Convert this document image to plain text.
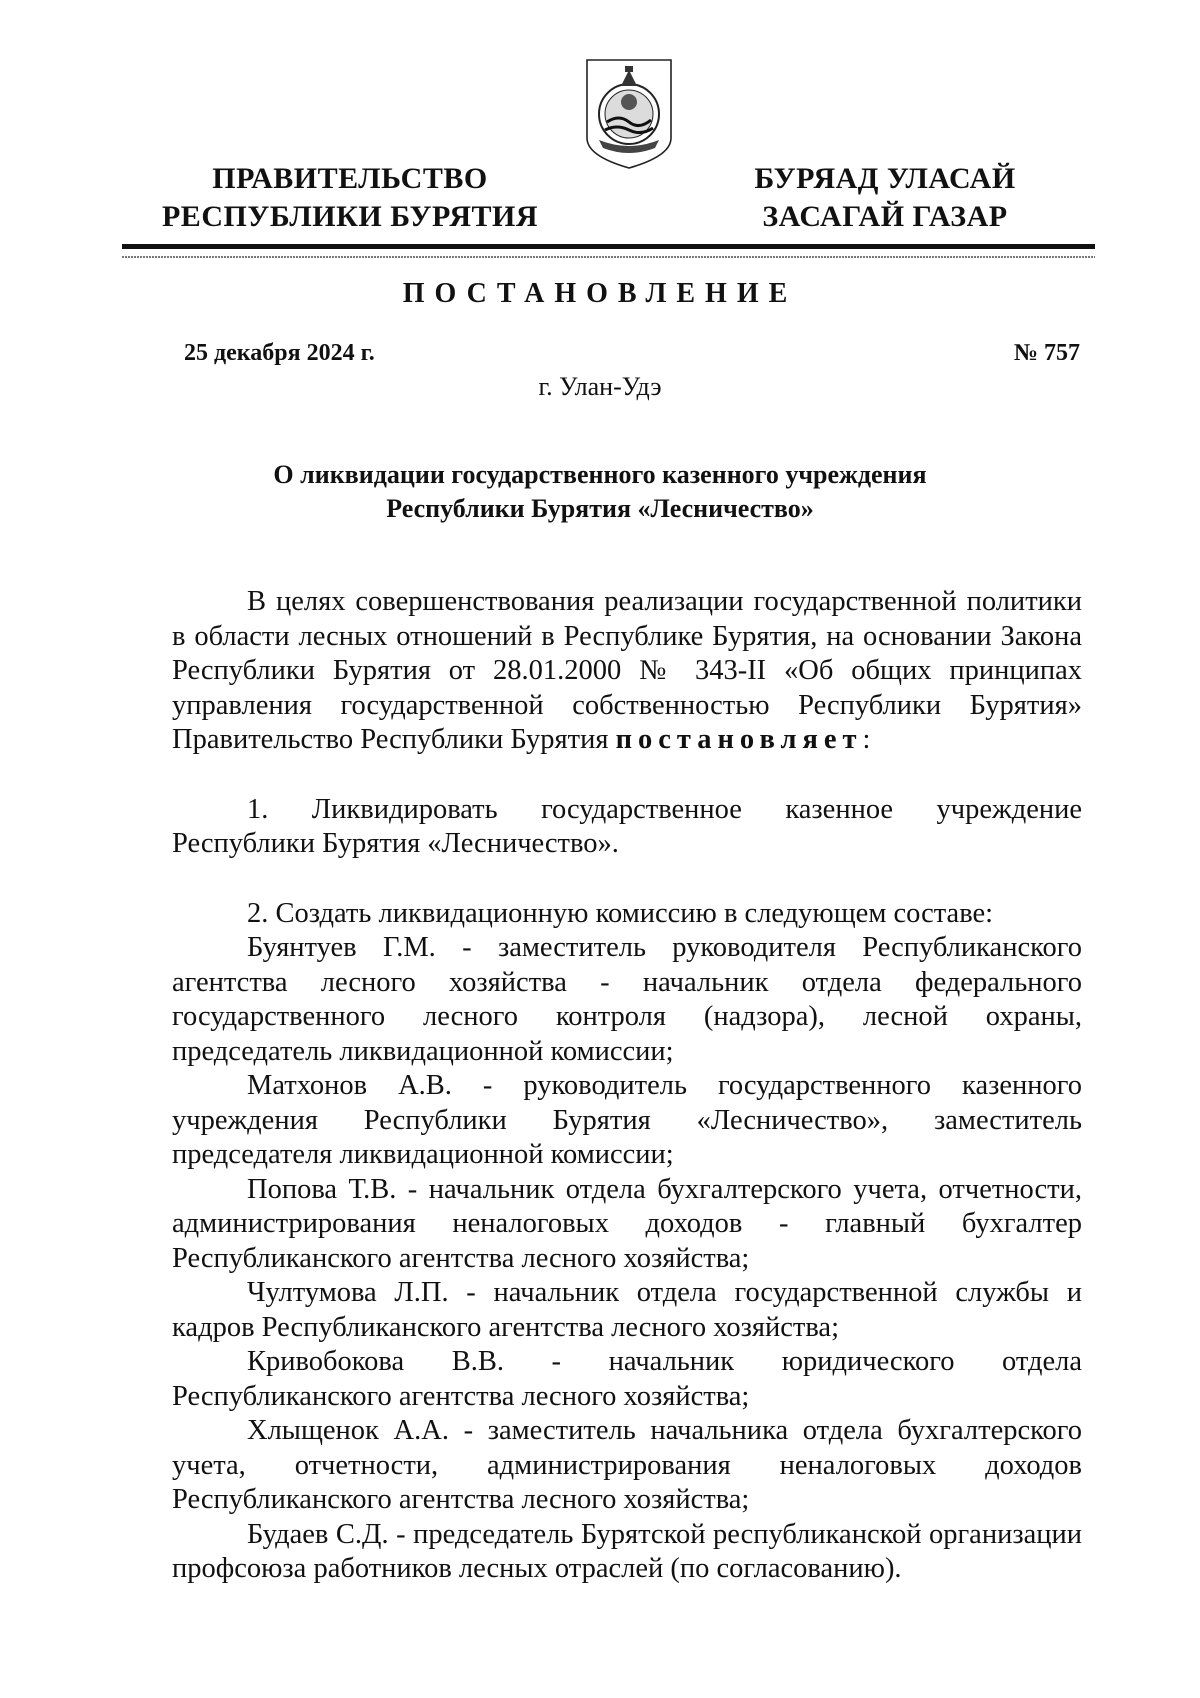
ПРАВИТЕЛЬСТВО
РЕСПУБЛИКИ БУРЯТИЯ
БУРЯАД УЛАСАЙ
ЗАСАГАЙ ГАЗАР
ПОСТАНОВЛЕНИЕ
25 декабря 2024 г.	№ 757
г. Улан-Удэ
О ликвидации государственного казенного учреждения
Республики Бурятия «Лесничество»

В целях совершенствования реализации государственной политики в области лесных отношений в Республике Бурятия, на основании Закона Республики Бурятия от 28.01.2000 № 343-II «Об общих принципах управления государственной собственностью Республики Бурятия» Правительство Республики Бурятия постановляет:

1. Ликвидировать государственное казенное учреждение Республики Бурятия «Лесничество».

2. Создать ликвидационную комиссию в следующем составе:

Буянтуев Г.М. - заместитель руководителя Республиканского агентства лесного хозяйства - начальник отдела федерального государственного лесного контроля (надзора), лесной охраны, председатель ликвидационной комиссии;

Матхонов А.В. - руководитель государственного казенного учреждения Республики Бурятия «Лесничество», заместитель председателя ликвидационной комиссии;

Попова Т.В. - начальник отдела бухгалтерского учета, отчетности, администрирования неналоговых доходов - главный бухгалтер Республиканского агентства лесного хозяйства;

Чултумова Л.П. - начальник отдела государственной службы и кадров Республиканского агентства лесного хозяйства;

Кривобокова В.В. - начальник юридического отдела Республиканского агентства лесного хозяйства;

Хлыщенок А.А. - заместитель начальника отдела бухгалтерского учета, отчетности, администрирования неналоговых доходов Республиканского агентства лесного хозяйства;

Будаев С.Д. - председатель Бурятской республиканской организации профсоюза работников лесных отраслей (по согласованию).
